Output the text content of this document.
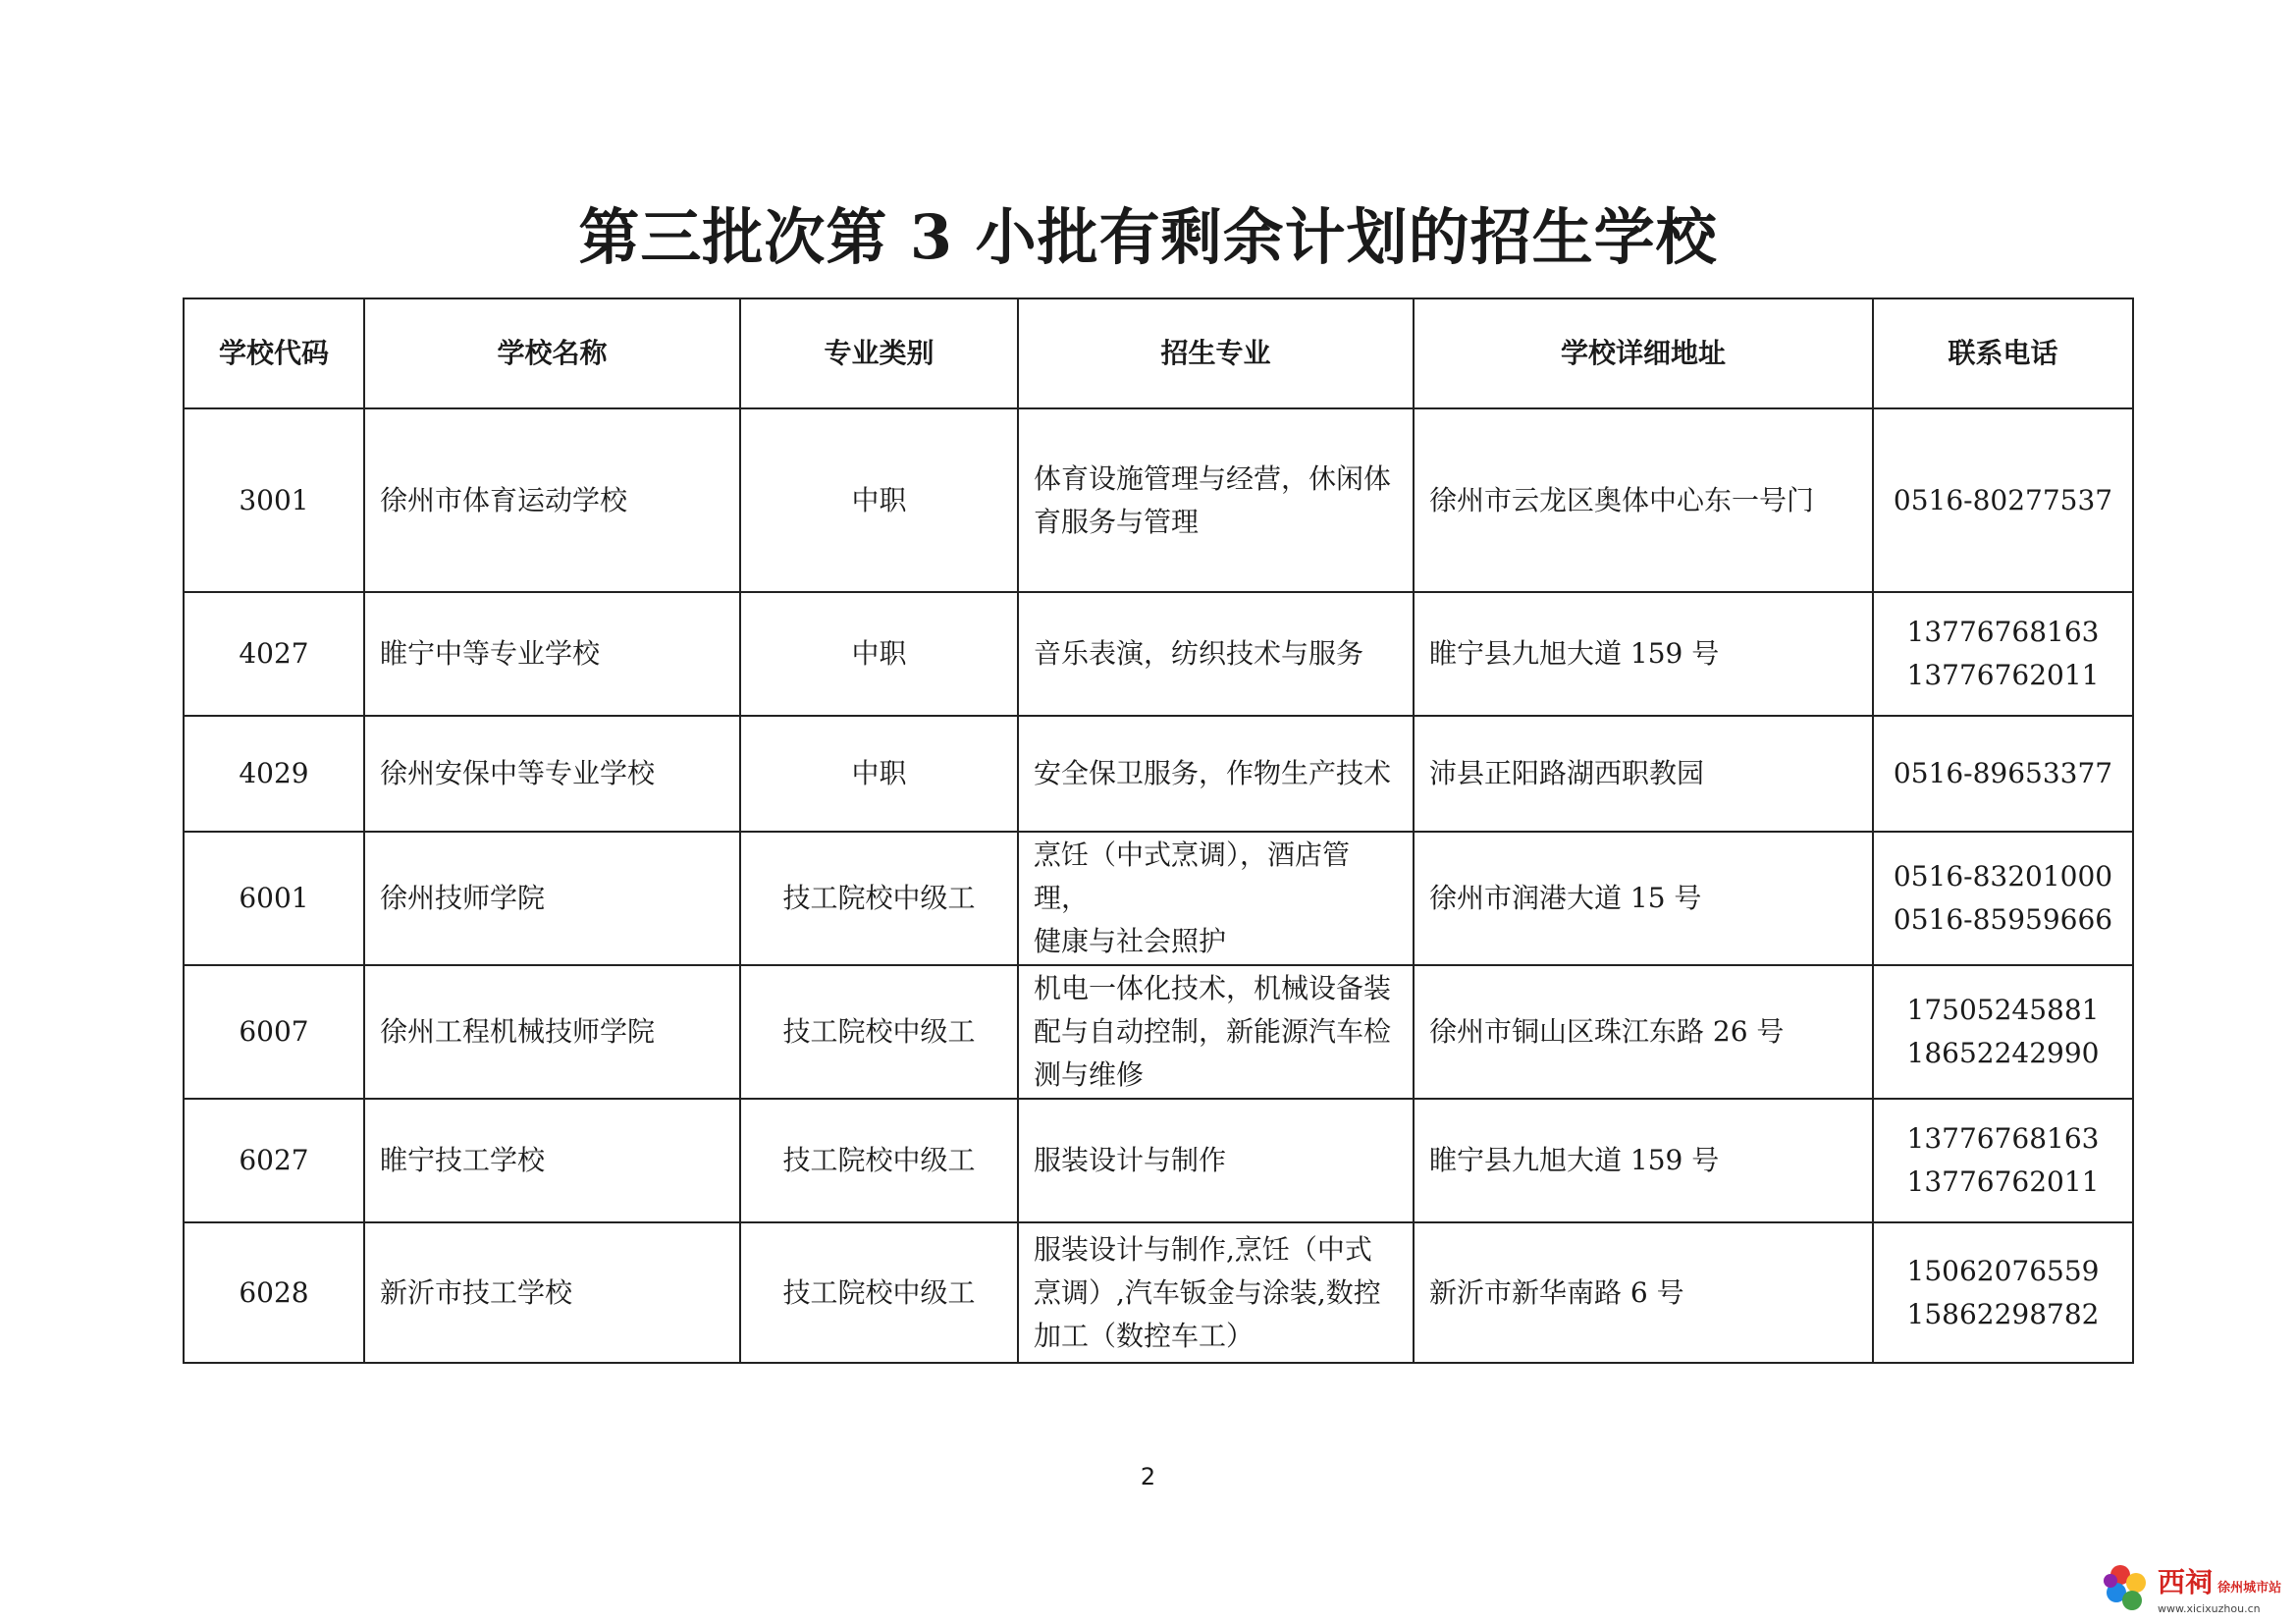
第三批次第 3 小批有剩余计划的招生学校
学校代码	学校名称	专业类别	招生专业	学校详细地址	联系电话
3001	徐州市体育运动学校	中职	体育设施管理与经营，休闲体
育服务与管理	徐州市云龙区奥体中心东一号门	0516-80277537

4027	睢宁中等专业学校	中职	音乐表演，纺织技术与服务	睢宁县九旭大道 159 号	13776768163
13776762011

4029	徐州安保中等专业学校	中职	安全保卫服务，作物生产技术	沛县正阳路湖西职教园	0516-89653377

6001	徐州技师学院	技工院校中级工	烹饪（中式烹调），酒店管理，
健康与社会照护	徐州市润港大道 15 号	0516-83201000
0516-85959666

6007	徐州工程机械技师学院	技工院校中级工	机电一体化技术，机械设备装
配与自动控制，新能源汽车检
测与维修	徐州市铜山区珠江东路 26 号	17505245881
18652242990

6027	睢宁技工学校	技工院校中级工	服装设计与制作	睢宁县九旭大道 159 号	13776768163
13776762011

6028	新沂市技工学校	技工院校中级工	服装设计与制作,烹饪（中式
烹调）,汽车钣金与涂装,数控
加工（数控车工）	新沂市新华南路 6 号	15062076559
15862298782
2
西祠 徐州城市站
www.xicixuzhou.cn
